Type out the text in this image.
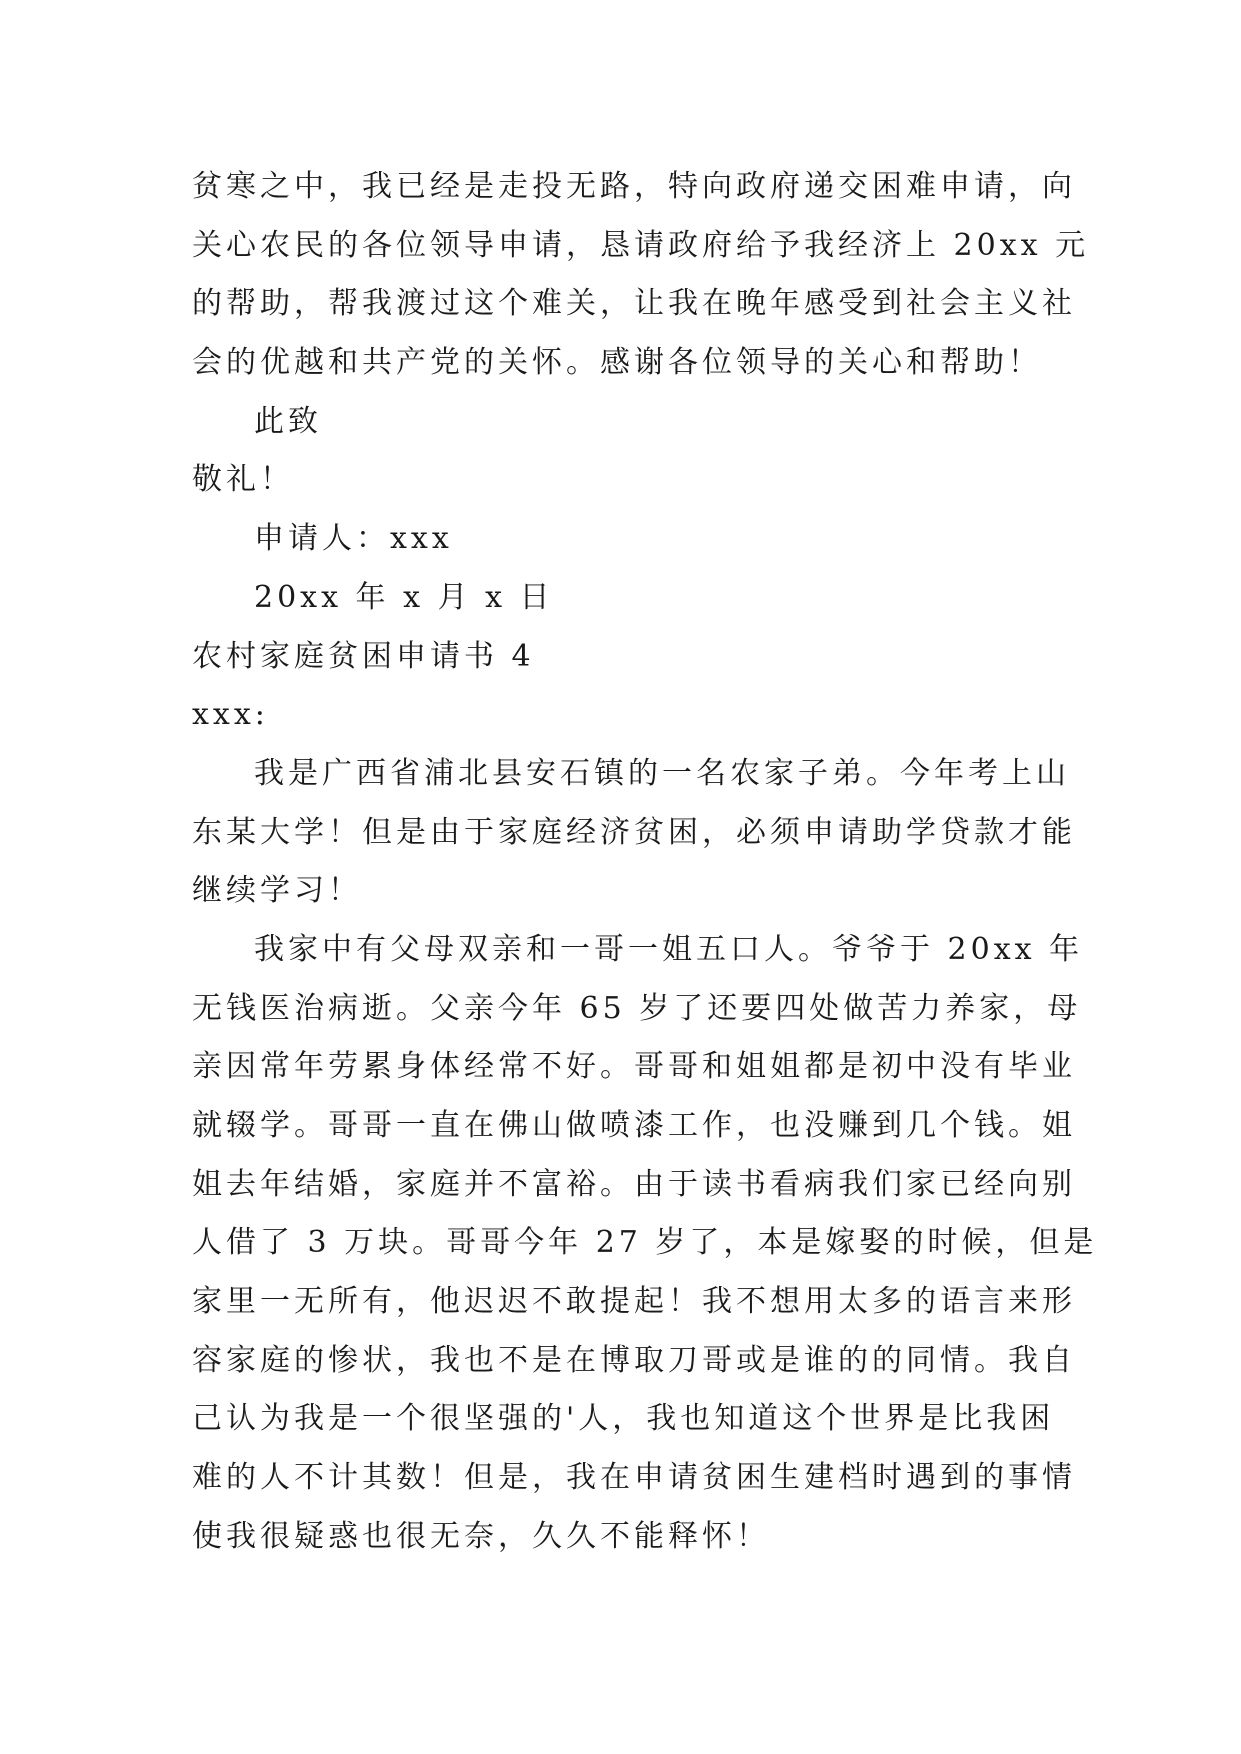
贫寒之中，我已经是走投无路，特向政府递交困难申请，向
关心农民的各位领导申请，恳请政府给予我经济上 20xx 元
的帮助，帮我渡过这个难关，让我在晚年感受到社会主义社
会的优越和共产党的关怀。感谢各位领导的关心和帮助！
此致
敬礼！
申请人：xxx
20xx 年 x 月 x 日
农村家庭贫困申请书 4
xxx:
我是广西省浦北县安石镇的一名农家子弟。今年考上山
东某大学！但是由于家庭经济贫困，必须申请助学贷款才能
继续学习！
我家中有父母双亲和一哥一姐五口人。爷爷于 20xx 年
无钱医治病逝。父亲今年 65 岁了还要四处做苦力养家，母
亲因常年劳累身体经常不好。哥哥和姐姐都是初中没有毕业
就辍学。哥哥一直在佛山做喷漆工作，也没赚到几个钱。姐
姐去年结婚，家庭并不富裕。由于读书看病我们家已经向别
人借了 3 万块。哥哥今年 27 岁了，本是嫁娶的时候，但是
家里一无所有，他迟迟不敢提起！我不想用太多的语言来形
容家庭的惨状，我也不是在博取刀哥或是谁的的同情。我自
己认为我是一个很坚强的'人，我也知道这个世界是比我困
难的人不计其数！但是，我在申请贫困生建档时遇到的事情
使我很疑惑也很无奈，久久不能释怀！
